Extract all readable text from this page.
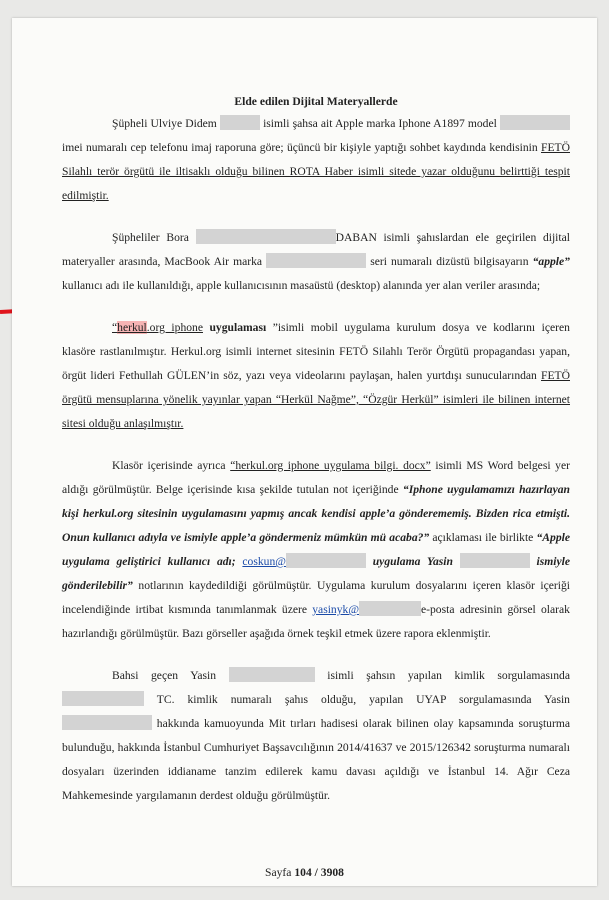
Elde edilen Dijital Materyallerde

Şüpheli Ulviye Didem	isimli şahsa ait Apple marka Iphone A1897 model  imei numaralı cep telefonu imaj raporuna göre; üçüncü bir kişiyle yaptığı sohbet kaydında kendisinin FETÖ Silahlı terör örgütü ile iltisaklı olduğu bilinen ROTA Haber isimli sitede yazar olduğunu belirttiği tespit edilmiştir.

Şüpheliler Bora	DABAN isimli şahıslardan ele geçirilen dijital materyaller arasında, MacBook Air marka	seri numaralı dizüstü bilgisayarın “apple” kullanıcı adı ile kullanıldığı, apple kullanıcısının masaüstü (desktop) alanında yer alan veriler arasında;

“herkul.org iphone uygulaması ”isimli mobil uygulama kurulum dosya ve kodlarını içeren klasöre rastlanılmıştır. Herkul.org isimli internet sitesinin FETÖ Silahlı Terör Örgütü propagandası yapan, örgüt lideri Fethullah GÜLEN’in söz, yazı veya videolarını paylaşan, halen yurtdışı sunucularından FETÖ örgütü mensuplarına yönelik yayınlar yapan “Herkül Nağme”, “Özgür Herkül” isimleri ile bilinen internet sitesi olduğu anlaşılmıştır.

Klasör içerisinde ayrıca “herkul.org iphone uygulama bilgi. docx” isimli MS Word belgesi yer aldığı görülmüştür. Belge içerisinde kısa şekilde tutulan not içeriğinde “Iphone uygulamamızı hazırlayan kişi herkul.org sitesinin uygulamasını yapmış ancak kendisi apple’a gönderememiş. Bizden rica etmişti. Onun kullanıcı adıyla ve ismiyle apple’a göndermeniz mümkün mü acaba?” açıklaması ile birlikte “Apple uygulama geliştirici kullanıcı adı; coskun@	uygulama Yasin	ismiyle gönderilebilir” notlarının kaydedildiği görülmüştür. Uygulama kurulum dosyalarını içeren klasör içeriği incelendiğinde irtibat kısmında tanımlanmak üzere yasinyk@	e-posta adresinin görsel olarak hazırlandığı görülmüştür. Bazı görseller aşağıda örnek teşkil etmek üzere rapora eklenmiştir.

Bahsi geçen Yasin	isimli şahsın yapılan kimlik sorgulamasında  TC. kimlik numaralı şahıs olduğu, yapılan UYAP sorgulamasında Yasin  hakkında kamuoyunda Mit tırları hadisesi olarak bilinen olay kapsamında soruşturma bulunduğu, hakkında İstanbul Cumhuriyet Başsavcılığının 2014/41637 ve 2015/126342 soruşturma numaralı dosyaları üzerinden iddianame tanzim edilerek kamu davası açıldığı ve İstanbul 14. Ağır Ceza Mahkemesinde yargılamanın derdest olduğu görülmüştür.

Sayfa 104 / 3908
